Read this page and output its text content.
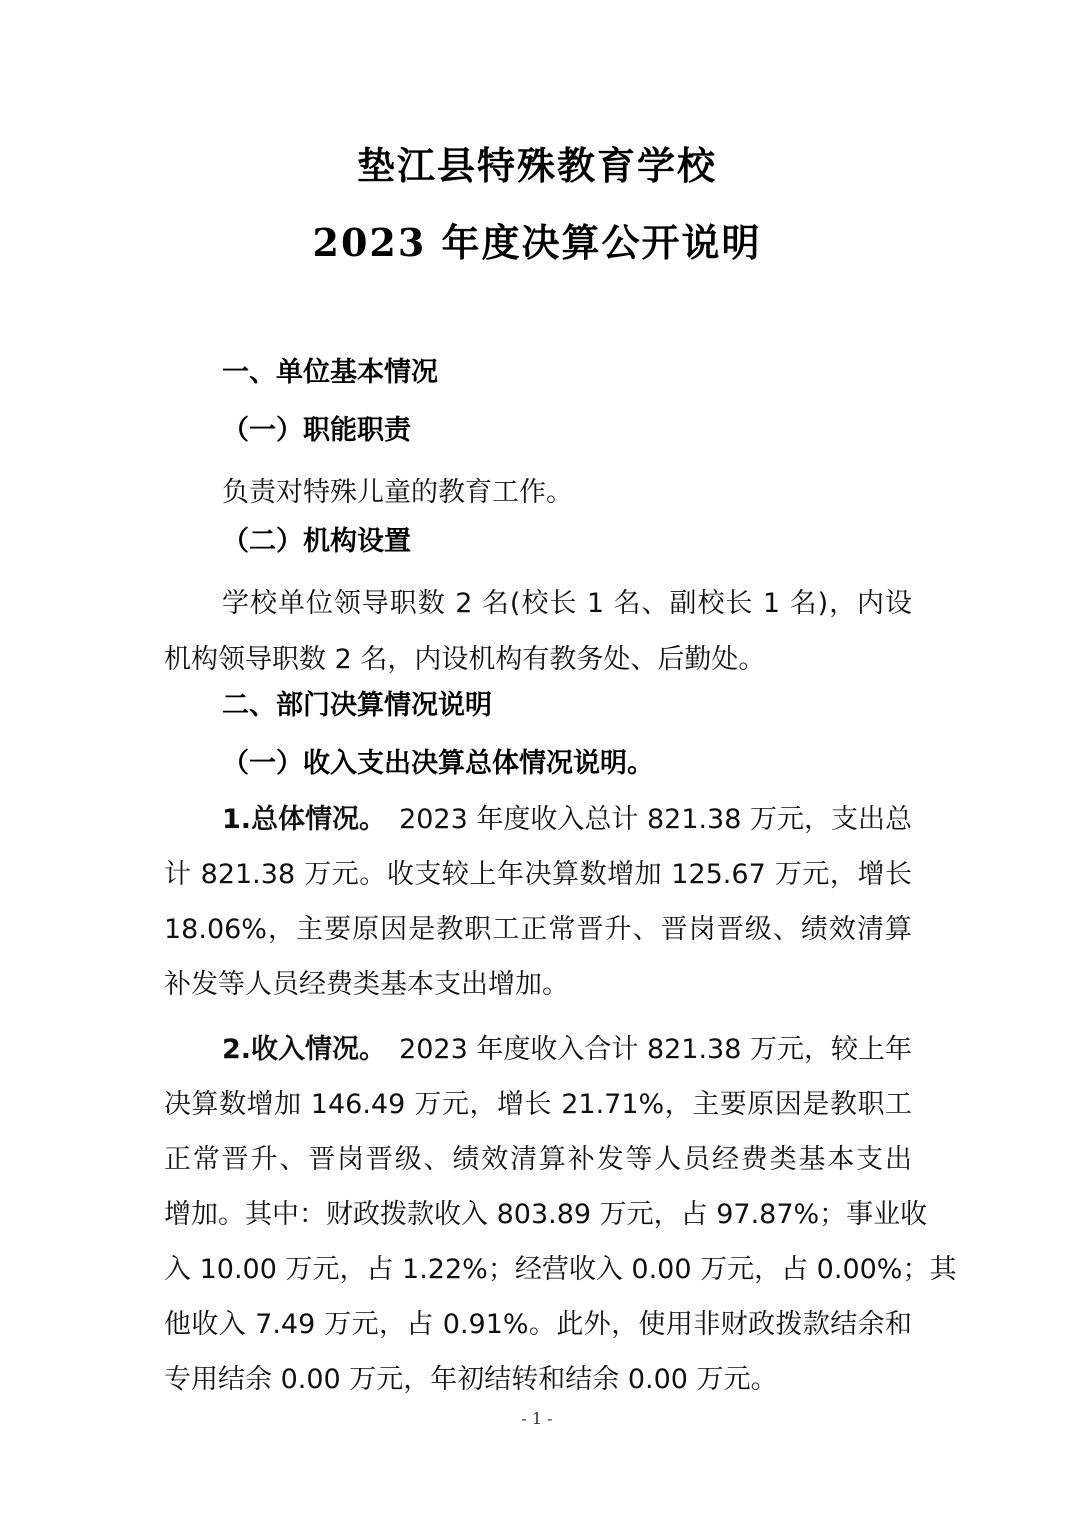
垫江县特殊教育学校
2023 年度决算公开说明
一、单位基本情况
（一）职能职责
负责对特殊儿童的教育工作。
（二）机构设置
学校单位领导职数 2 名(校长 1 名、副校长 1 名)，内设
机构领导职数 2 名，内设机构有教务处、后勤处。
二、部门决算情况说明
（一）收入支出决算总体情况说明。
1.总体情况。 2023 年度收入总计 821.38 万元，支出总
计 821.38 万元。收支较上年决算数增加 125.67 万元，增长
18.06%，主要原因是教职工正常晋升、晋岗晋级、绩效清算
补发等人员经费类基本支出增加。
2.收入情况。 2023 年度收入合计 821.38 万元，较上年
决算数增加 146.49 万元，增长 21.71%，主要原因是教职工
正常晋升、晋岗晋级、绩效清算补发等人员经费类基本支出
增加。其中：财政拨款收入 803.89 万元，占 97.87%；事业收
入 10.00 万元，占 1.22%；经营收入 0.00 万元，占 0.00%；其
他收入 7.49 万元，占 0.91%。此外，使用非财政拨款结余和
专用结余 0.00 万元，年初结转和结余 0.00 万元。
- 1 -
